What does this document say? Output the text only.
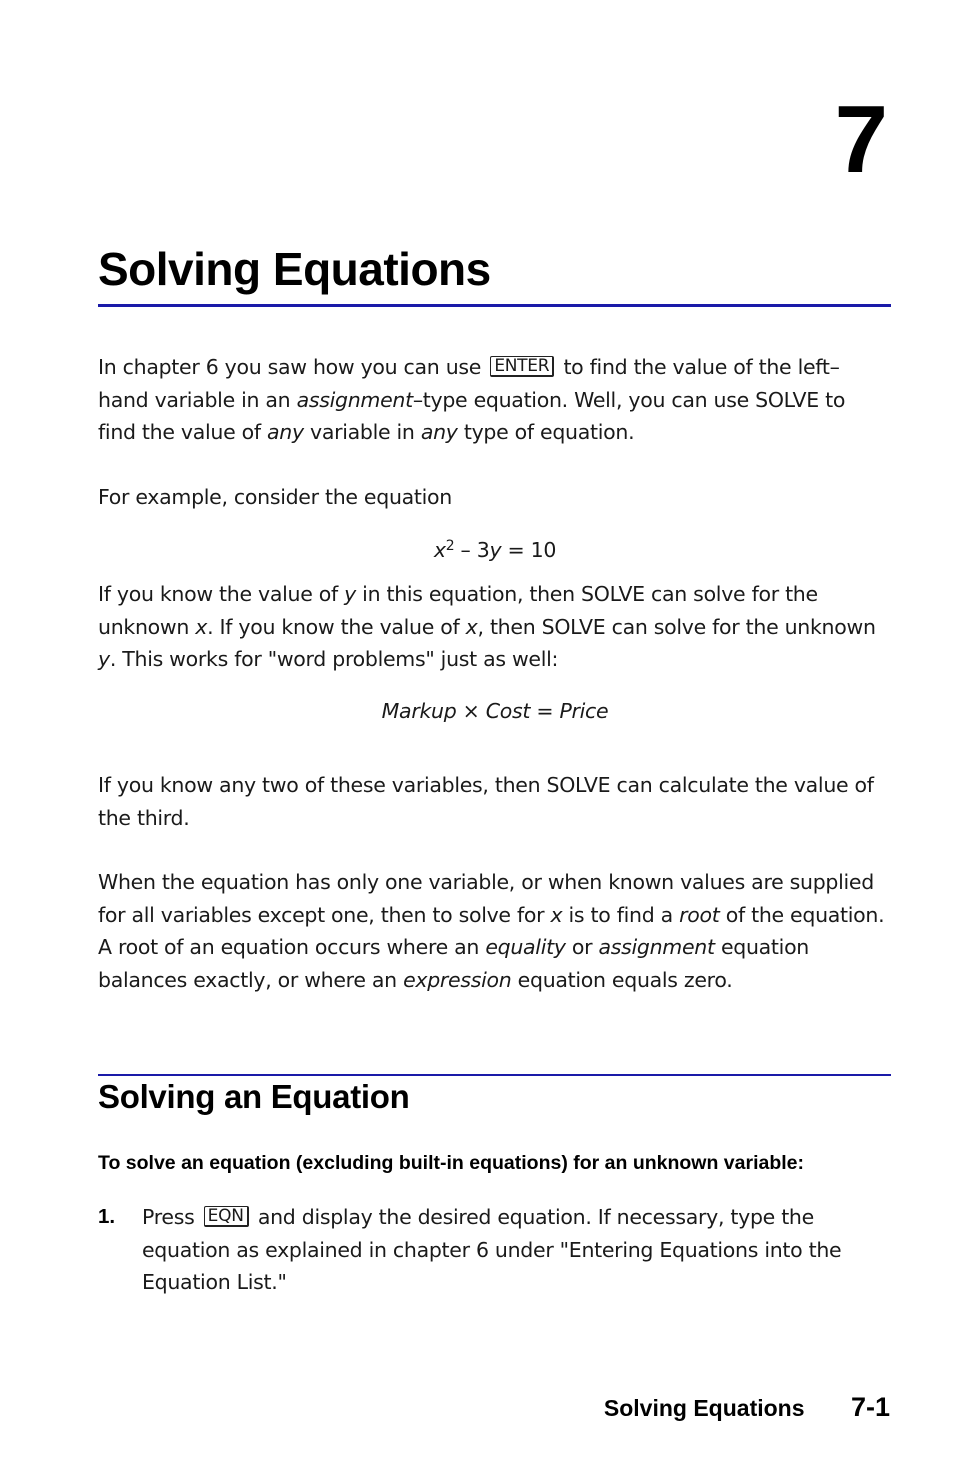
7
Solving Equations

In chapter 6 you saw how you can use ENTER to find the value of the left–hand variable in an assignment–type equation. Well, you can use SOLVE to find the value of any variable in any type of equation.

For example, consider the equation

$x^2 - 3y = 10$

If you know the value of y in this equation, then SOLVE can solve for the unknown x. If you know the value of x, then SOLVE can solve for the unknown y. This works for "word problems" just as well:

Markup × Cost = Price

If you know any two of these variables, then SOLVE can calculate the value of the third.

When the equation has only one variable, or when known values are supplied for all variables except one, then to solve for x is to find a root of the equation. A root of an equation occurs where an equality or assignment equation balances exactly, or where an expression equation equals zero.

Solving an Equation

To solve an equation (excluding built-in equations) for an unknown variable:

1. Press EQN and display the desired equation. If necessary, type the equation as explained in chapter 6 under "Entering Equations into the Equation List."

Solving Equations 7-1
